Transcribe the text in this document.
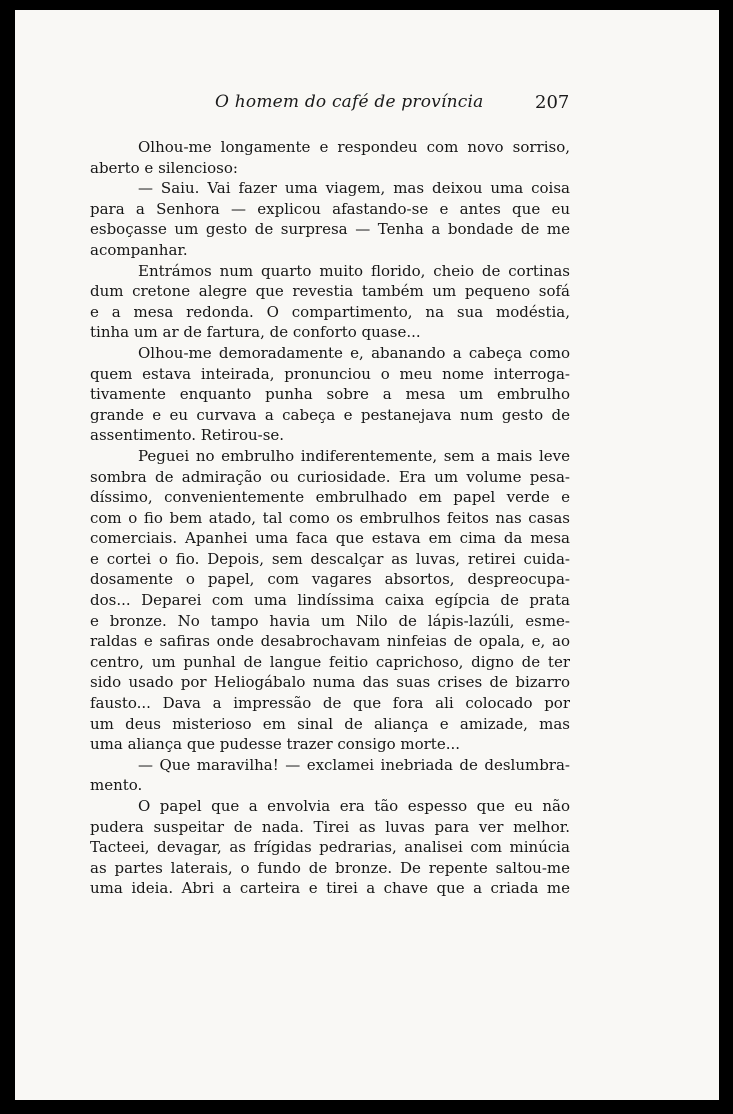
O homem do café de província	207
Olhou-me longamente e respondeu com novo sorriso,
aberto e silencioso:
— Saiu. Vai fazer uma viagem, mas deixou uma coisa
para a Senhora — explicou afastando-se e antes que eu
esboçasse um gesto de surpresa — Tenha a bondade de me
acompanhar.
Entrámos num quarto muito florido, cheio de cortinas
dum cretone alegre que revestia também um pequeno sofá
e a mesa redonda. O compartimento, na sua modéstia,
tinha um ar de fartura, de conforto quase...
Olhou-me demoradamente e, abanando a cabeça como
quem estava inteirada, pronunciou o meu nome interroga-
tivamente enquanto punha sobre a mesa um embrulho
grande e eu curvava a cabeça e pestanejava num gesto de
assentimento. Retirou-se.
Peguei no embrulho indiferentemente, sem a mais leve
sombra de admiração ou curiosidade. Era um volume pesa-
díssimo, convenientemente embrulhado em papel verde e
com o fio bem atado, tal como os embrulhos feitos nas casas
comerciais. Apanhei uma faca que estava em cima da mesa
e cortei o fio. Depois, sem descalçar as luvas, retirei cuida-
dosamente o papel, com vagares absortos, despreocupa-
dos... Deparei com uma lindíssima caixa egípcia de prata
e bronze. No tampo havia um Nilo de lápis-lazúli, esme-
raldas e safiras onde desabrochavam ninfeias de opala, e, ao
centro, um punhal de langue feitio caprichoso, digno de ter
sido usado por Heliogábalo numa das suas crises de bizarro
fausto... Dava a impressão de que fora ali colocado por
um deus misterioso em sinal de aliança e amizade, mas
uma aliança que pudesse trazer consigo morte...
— Que maravilha! — exclamei inebriada de deslumbra-
mento.
O papel que a envolvia era tão espesso que eu não
pudera suspeitar de nada. Tirei as luvas para ver melhor.
Tacteei, devagar, as frígidas pedrarias, analisei com minúcia
as partes laterais, o fundo de bronze. De repente saltou-me
uma ideia. Abri a carteira e tirei a chave que a criada me
